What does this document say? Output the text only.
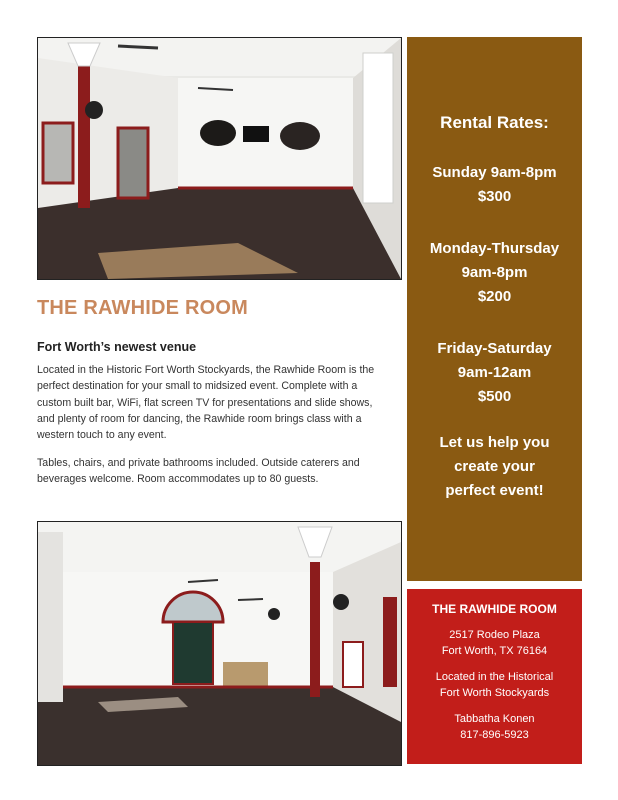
Rental Rates:
Sunday 9am-8pm
$300
Monday-Thursday
9am-8pm
$200
Friday-Saturday
9am-12am
$500
Let us help you
create your
perfect event!
THE RAWHIDE ROOM
2517 Rodeo Plaza
Fort Worth, TX 76164
Located in the Historical
Fort Worth Stockyards
Tabbatha Konen
817-896-5923
THE RAWHIDE ROOM
Fort Worth’s newest venue
Located in the Historic Fort Worth Stockyards, the Rawhide Room is the perfect destination for your small to midsized event. Complete with a custom built bar, WiFi, flat screen TV for presentations and slide shows, and plenty of room for dancing, the Rawhide room brings class with a western touch to any event.
Tables, chairs, and private bathrooms included. Outside caterers and beverages welcome. Room accommodates up to 80 guests.
